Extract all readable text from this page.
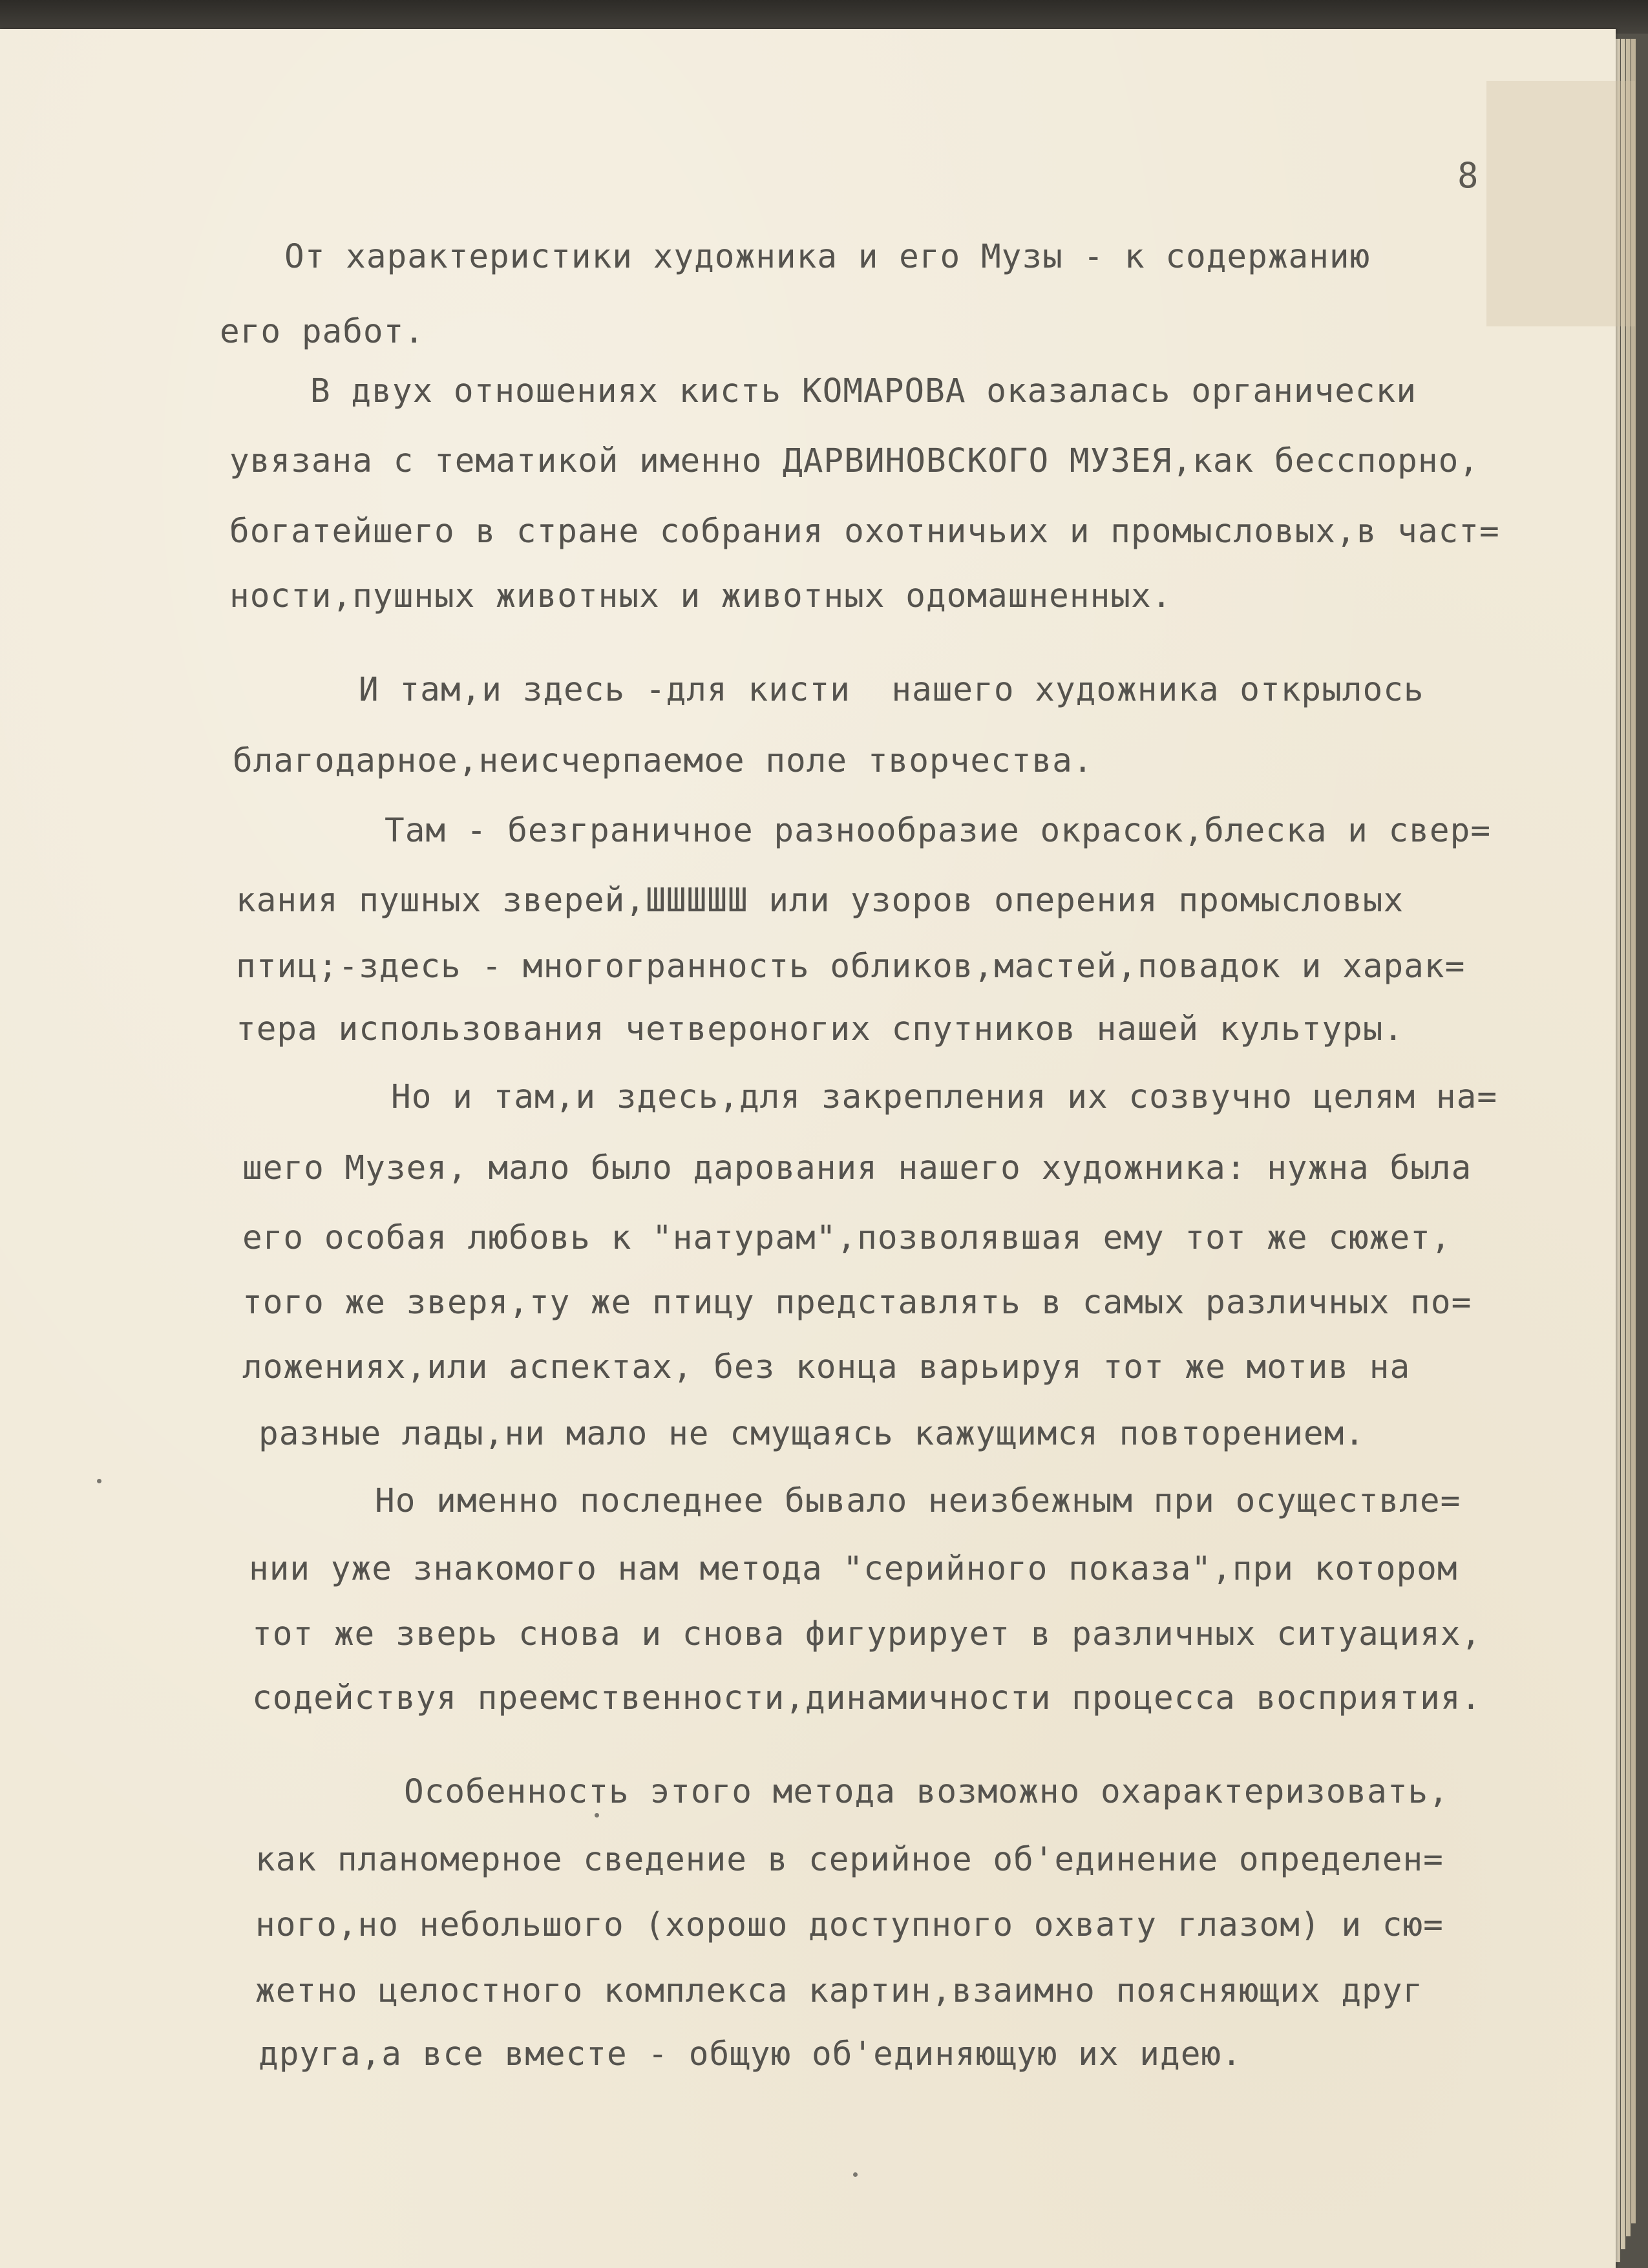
8
От характеристики художника и его Музы - к содержанию
его работ.
В двух отношениях кисть КОМАРОВА оказалась органически
увязана с тематикой именно ДАРВИНОВСКОГО МУЗЕЯ,как бесспорно,
богатейшего в стране собрания охотничьих и промысловых,в част=
ности,пушных животных и животных одомашненных.
И там,и здесь -для кисти  нашего художника открылось
благодарное,неисчерпаемое поле творчества.
Там - безграничное разнообразие окрасок,блеска и свер=
кания пушных зверей,ШШШШШ или узоров оперения промысловых
птиц;-здесь - многогранность обликов,мастей,повадок и харак=
тера использования четвероногих спутников нашей культуры.
Но и там,и здесь,для закрепления их созвучно целям на=
шего Музея, мало было дарования нашего художника: нужна была
его особая любовь к "натурам",позволявшая ему тот же сюжет,
того же зверя,ту же птицу представлять в самых различных по=
ложениях,или аспектах, без конца варьируя тот же мотив на
разные лады,ни мало не смущаясь кажущимся повторением.
Но именно последнее бывало неизбежным при осуществле=
нии уже знакомого нам метода "серийного показа",при котором
тот же зверь снова и снова фигурирует в различных ситуациях,
содействуя преемственности,динамичности процесса восприятия.
Особенность этого метода возможно охарактеризовать,
как планомерное сведение в серийное об'единение определен=
ного,но небольшого (хорошо доступного охвату глазом) и сю=
жетно целостного комплекса картин,взаимно поясняющих друг
друга,а все вместе - общую об'единяющую их идею.
